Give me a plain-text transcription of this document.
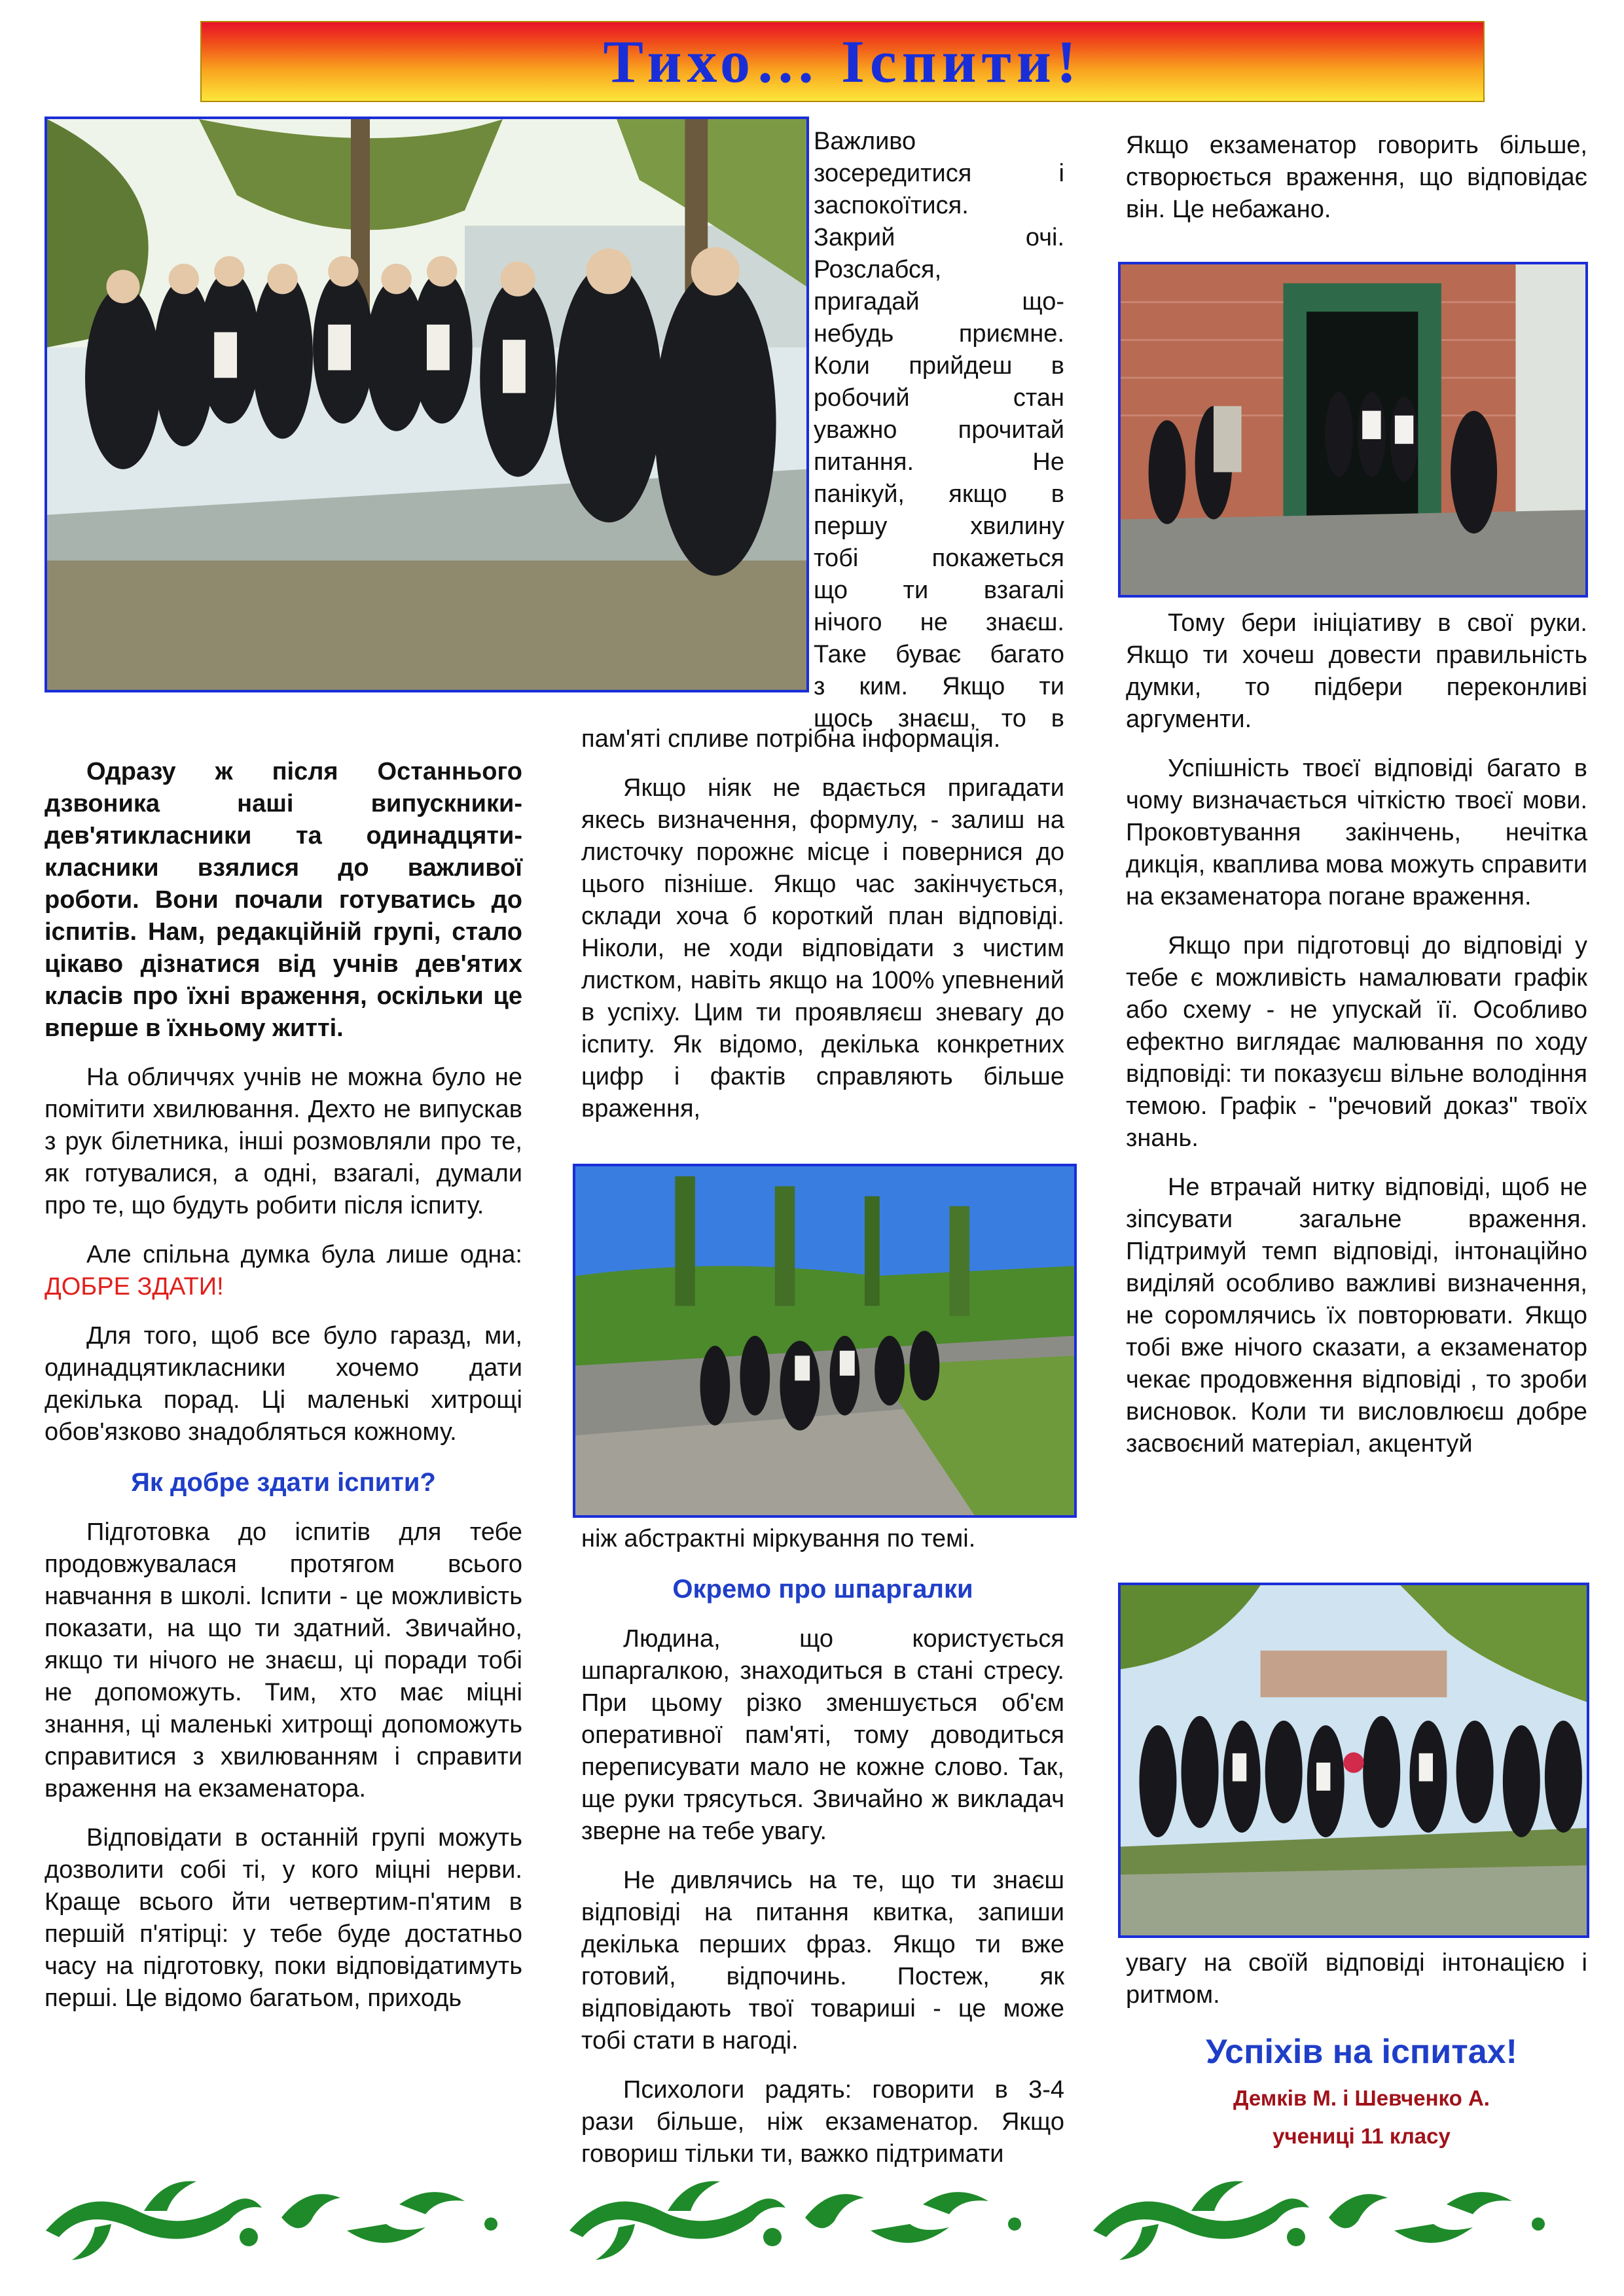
Тихо… Іспити!
Важливо
зосередитися і
заспокоїтися.
Закрий очі.
Розслабся,
пригадай що-
небудь приємне.
Коли прийдеш в
робочий стан
уважно прочитай
питання. Не
панікуй, якщо в
першу хвилину
тобі покажеться
що ти взагалі
нічого не знаєш.
Таке буває багато
з ким. Якщо ти
щось знаєш, то в

пам'яті спливе потрібна інформація.

Якщо ніяк не вдається пригадати якесь визначення, формулу, - залиш на листочку порожнє місце і повернися до цього пізніше. Якщо час закінчується, склади хоча б короткий план відповіді. Ніколи, не ходи відповідати з чистим листком, навіть якщо на 100% упевнений в успіху. Цим ти проявляєш зневагу до іспиту. Як відомо, декілька конкретних цифр і фактів справляють більше враження,

ніж абстрактні міркування по темі.

Окремо про шпаргалки

Людина, що користується шпаргалкою, знаходиться в стані стресу. При цьому різко зменшується об'єм оперативної пам'яті, тому доводиться переписувати мало не кожне слово. Так, ще руки трясуться. Звичайно ж викладач зверне на тебе увагу.

Не дивлячись на те, що ти знаєш відповіді на питання квитка, запиши декілька перших фраз. Якщо ти вже готовий, відпочинь. Постеж, як відповідають твої товариші - це може тобі стати в нагоді.

Психологи радять: говорити в 3-4 рази більше, ніж екзаменатор. Якщо говориш тільки ти, важко підтримати

Одразу ж після Останнього дзвоника наші випускники-дев'ятикласники та одинадцяти-класники взялися до важливої роботи. Вони почали готуватись до іспитів. Нам, редакційній групі, стало цікаво дізнатися від учнів дев'ятих класів про їхні враження, оскільки це вперше в їхньому житті.

На обличчях учнів не можна було не помітити хвилювання. Дехто не випускав з рук білетника, інші розмовляли про те, як готувалися, а одні, взагалі, думали про те, що будуть робити після іспиту.

Але спільна думка була лише одна: ДОБРЕ ЗДАТИ!

Для того, щоб все було гаразд, ми, одинадцятикласники хочемо дати декілька порад. Ці маленькі хитрощі обов'язково знадобляться кожному.

Як добре здати іспити?

Підготовка до іспитів для тебе продовжувалася протягом всього навчання в школі. Іспити - це можливість показати, на що ти здатний. Звичайно, якщо ти нічого не знаєш, ці поради тобі не допоможуть. Тим, хто має міцні знання, ці маленькі хитрощі допоможуть справитися з хвилюванням і справити враження на екзаменатора.

Відповідати в останній групі можуть дозволити собі ті, у кого міцні нерви. Краще всього йти четвертим-п'ятим в першій п'ятірці: у тебе буде достатньо часу на підготовку, поки відповідатимуть перші. Це відомо багатьом, приходь

Якщо екзаменатор говорить більше, створюється враження, що відповідає він. Це небажано.

Тому бери ініціативу в свої руки. Якщо ти хочеш довести правильність думки, то підбери переконливі аргументи.

Успішність твоєї відповіді багато в чому визначається чіткістю твоєї мови. Проковтування закінчень, нечітка дикція, кваплива мова можуть справити на екзаменатора погане враження.

Якщо при підготовці до відповіді у тебе є можливість намалювати графік або схему - не упускай її. Особливо ефектно виглядає малювання по ходу відповіді: ти показуєш вільне володіння темою. Графік - "речовий доказ" твоїх знань.

Не втрачай нитку відповіді, щоб не зіпсувати загальне враження. Підтримуй темп відповіді, інтонаційно виділяй особливо важливі визначення, не соромлячись їх повторювати. Якщо тобі вже нічого сказати, а екзаменатор чекає продовження відповіді , то зроби висновок. Коли ти висловлюєш добре засвоєний матеріал, акцентуй

увагу на своїй відповіді інтонацією і ритмом.

Успіхів на іспитах!
Демків М. і Шевченко А.
учениці 11 класу
